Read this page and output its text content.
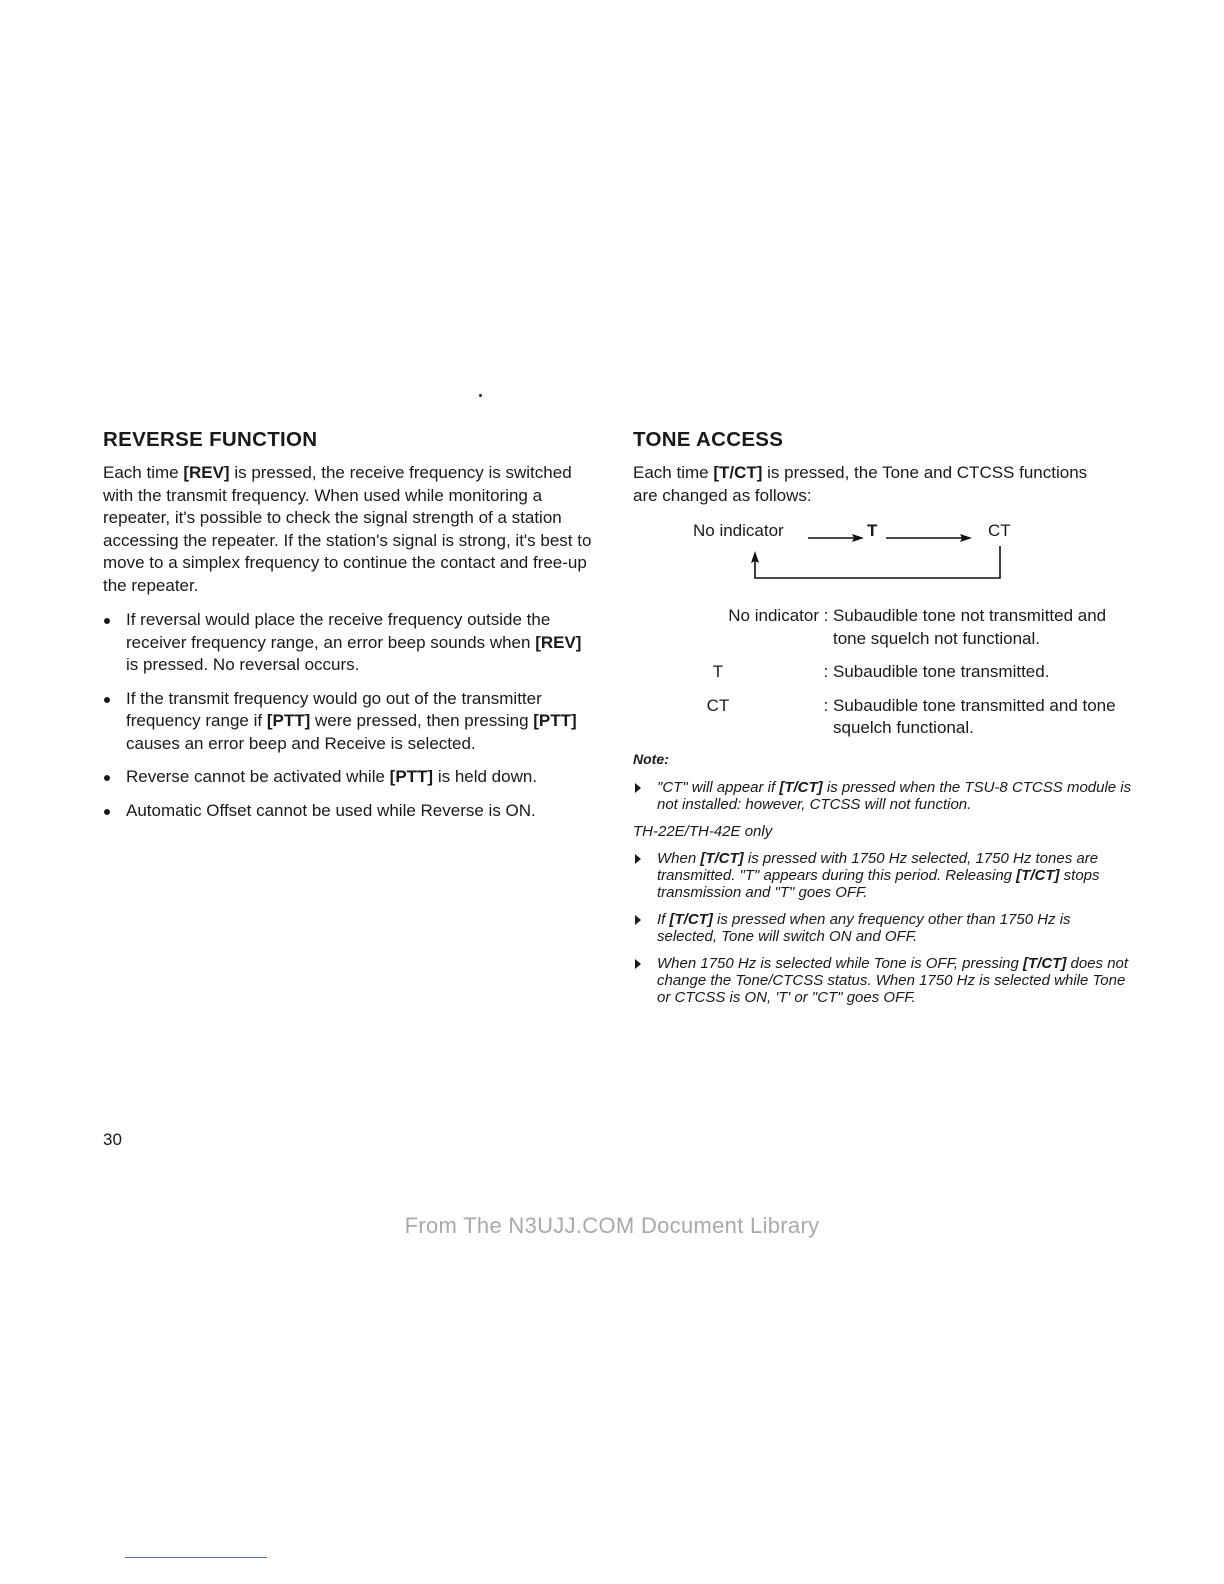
REVERSE FUNCTION

Each time [REV] is pressed, the receive frequency is switched with the transmit frequency. When used while monitoring a repeater, it's possible to check the signal strength of a station accessing the repeater. If the station's signal is strong, it's best to move to a simplex frequency to continue the contact and free-up the repeater.

If reversal would place the receive frequency outside the receiver frequency range, an error beep sounds when [REV] is pressed. No reversal occurs.
If the transmit frequency would go out of the transmitter frequency range if [PTT] were pressed, then pressing [PTT] causes an error beep and Receive is selected.
Reverse cannot be activated while [PTT] is held down.
Automatic Offset cannot be used while Reverse is ON.
TONE ACCESS

Each time [T/CT] is pressed, the Tone and CTCSS functions are changed as follows:

No indicator	T	CT
No indicator : Subaudible tone not transmitted and tone squelch not functional.
T	: Subaudible tone transmitted.
CT	: Subaudible tone transmitted and tone squelch functional.
Note:
"CT" will appear if [T/CT] is pressed when the TSU-8 CTCSS module is not installed: however, CTCSS will not function.
TH-22E/TH-42E only
When [T/CT] is pressed with 1750 Hz selected, 1750 Hz tones are transmitted. "T" appears during this period. Releasing [T/CT] stops transmission and "T" goes OFF.
If [T/CT] is pressed when any frequency other than 1750 Hz is selected, Tone will switch ON and OFF.
When 1750 Hz is selected while Tone is OFF, pressing [T/CT] does not change the Tone/CTCSS status. When 1750 Hz is selected while Tone or CTCSS is ON, 'T' or "CT" goes OFF.
30
From The N3UJJ.COM Document Library
